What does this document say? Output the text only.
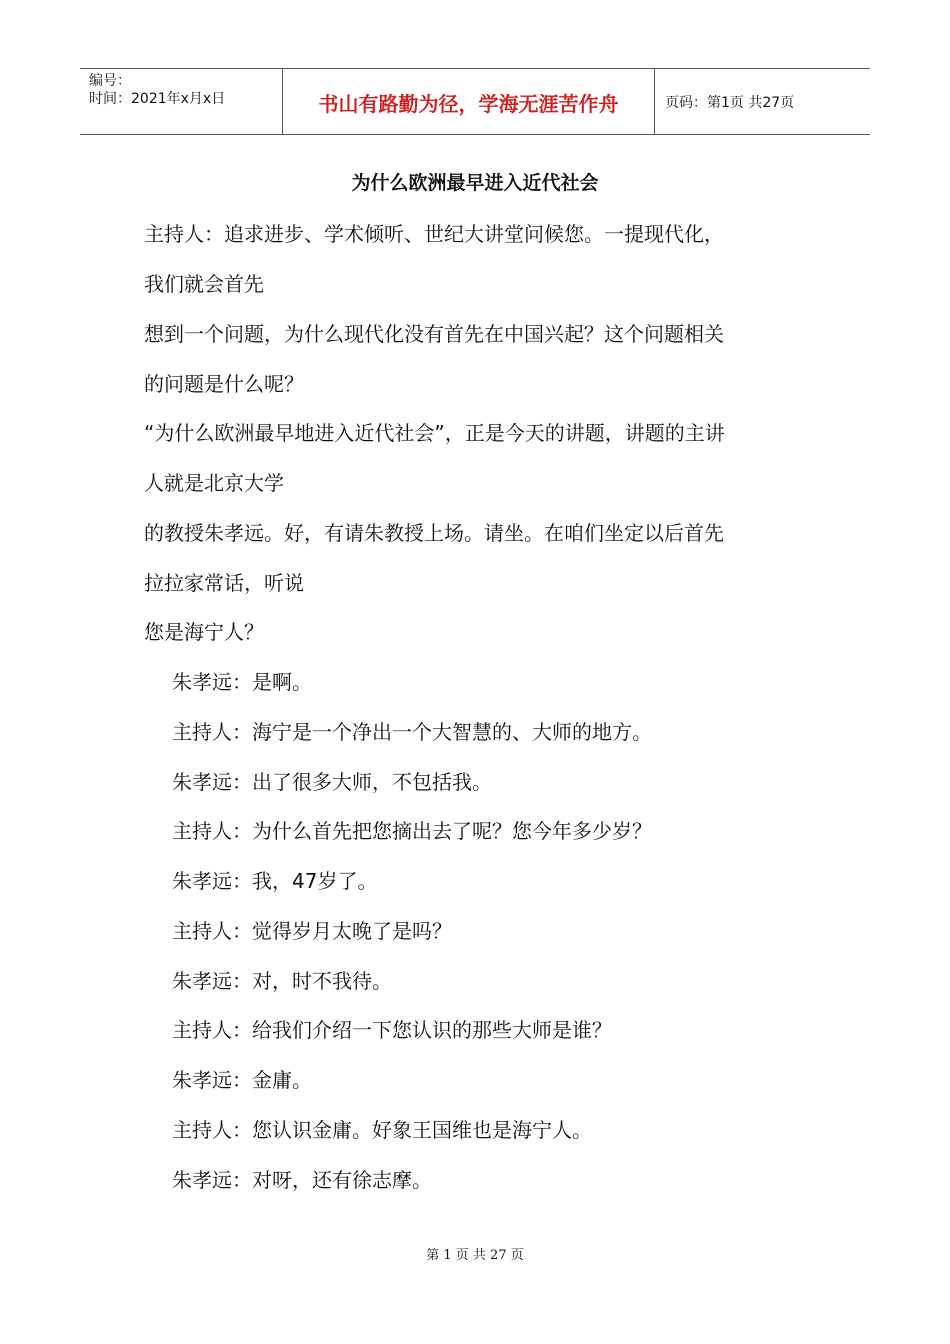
编号：
时间：2021年x月x日	书山有路勤为径，学海无涯苦作舟	页码：第1页 共27页
为什么欧洲最早进入近代社会
主持人：追求进步、学术倾听、世纪大讲堂问候您。一提现代化，
我们就会首先
想到一个问题，为什么现代化没有首先在中国兴起？这个问题相关
的问题是什么呢？
“为什么欧洲最早地进入近代社会”，正是今天的讲题，讲题的主讲
人就是北京大学
的教授朱孝远。好，有请朱教授上场。请坐。在咱们坐定以后首先
拉拉家常话，听说
您是海宁人？
朱孝远：是啊。
主持人：海宁是一个净出一个大智慧的、大师的地方。
朱孝远：出了很多大师，不包括我。
主持人：为什么首先把您摘出去了呢？您今年多少岁？
朱孝远：我，47岁了。
主持人：觉得岁月太晚了是吗？
朱孝远：对，时不我待。
主持人：给我们介绍一下您认识的那些大师是谁？
朱孝远：金庸。
主持人：您认识金庸。好象王国维也是海宁人。
朱孝远：对呀，还有徐志摩。
第 1 页 共 27 页
